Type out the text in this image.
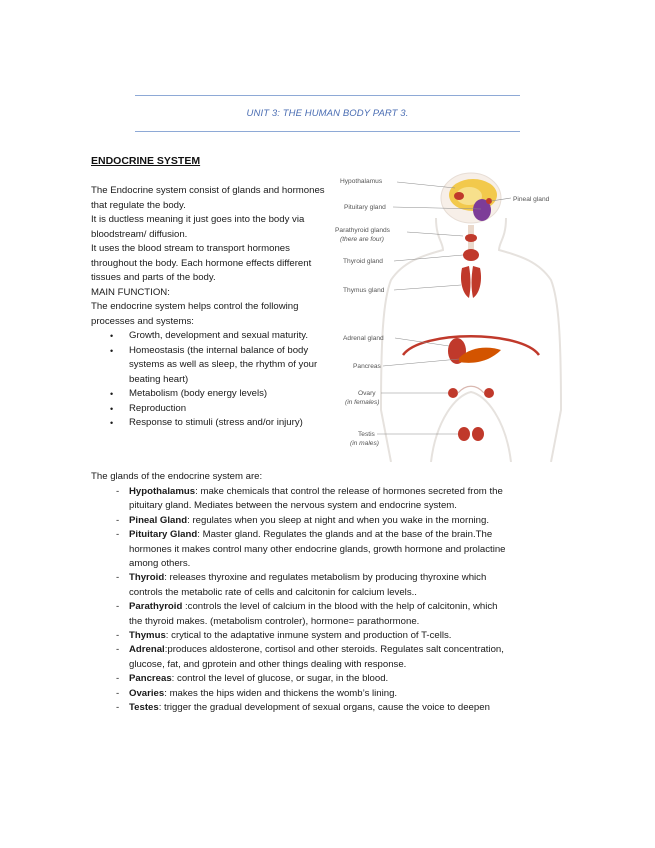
UNIT 3: THE HUMAN BODY PART 3.
ENDOCRINE SYSTEM

The Endocrine system consist of glands and hormones that regulate the body.

It is ductless meaning it just goes into the body via bloodstream/ diffusion.

It uses the blood stream to transport hormones throughout the body. Each hormone effects different tissues and parts of the body.

MAIN FUNCTION:

The endocrine system helps control the following processes and systems:

• Growth, development and sexual maturity.
• Homeostasis (the internal balance of body systems as well as sleep, the rhythm of your beating heart)
• Metabolism (body energy levels)
• Reproduction
• Response to stimuli (stress and/or injury)
Hypothalamus
Pineal gland
Pituitary gland
Parathyroid glands
(there are four)
Thyroid gland
Thymus gland
Adrenal gland
Pancreas
Ovary
(in females)
Testis
(in males)
The glands of the endocrine system are:
- Hypothalamus: make chemicals that control the release of hormones secreted from the
pituitary gland. Mediates between the nervous system and endocrine system.
- Pineal Gland: regulates when you sleep at night and when you wake in the morning.
- Pituitary Gland: Master gland. Regulates the glands and at the base of the brain.The
hormones it makes control many other endocrine glands, growth hormone and prolactine
among others.
- Thyroid: releases thyroxine and regulates metabolism by producing thyroxine which
controls the metabolic rate of cells and calcitonin for calcium levels..
- Parathyroid :controls the level of calcium in the blood with the help of calcitonin, which
the thyroid makes. (metabolism controler), hormone= parathormone.
- Thymus: crytical to the adaptative inmune system and production of T-cells.
- Adrenal:produces aldosterone, cortisol and other steroids. Regulates salt concentration,
glucose, fat, and gprotein and other things dealing with response.
- Pancreas: control the level of glucose, or sugar, in the blood.
- Ovaries: makes the hips widen and thickens the womb’s lining.
- Testes: trigger the gradual development of sexual organs, cause the voice to deepen
